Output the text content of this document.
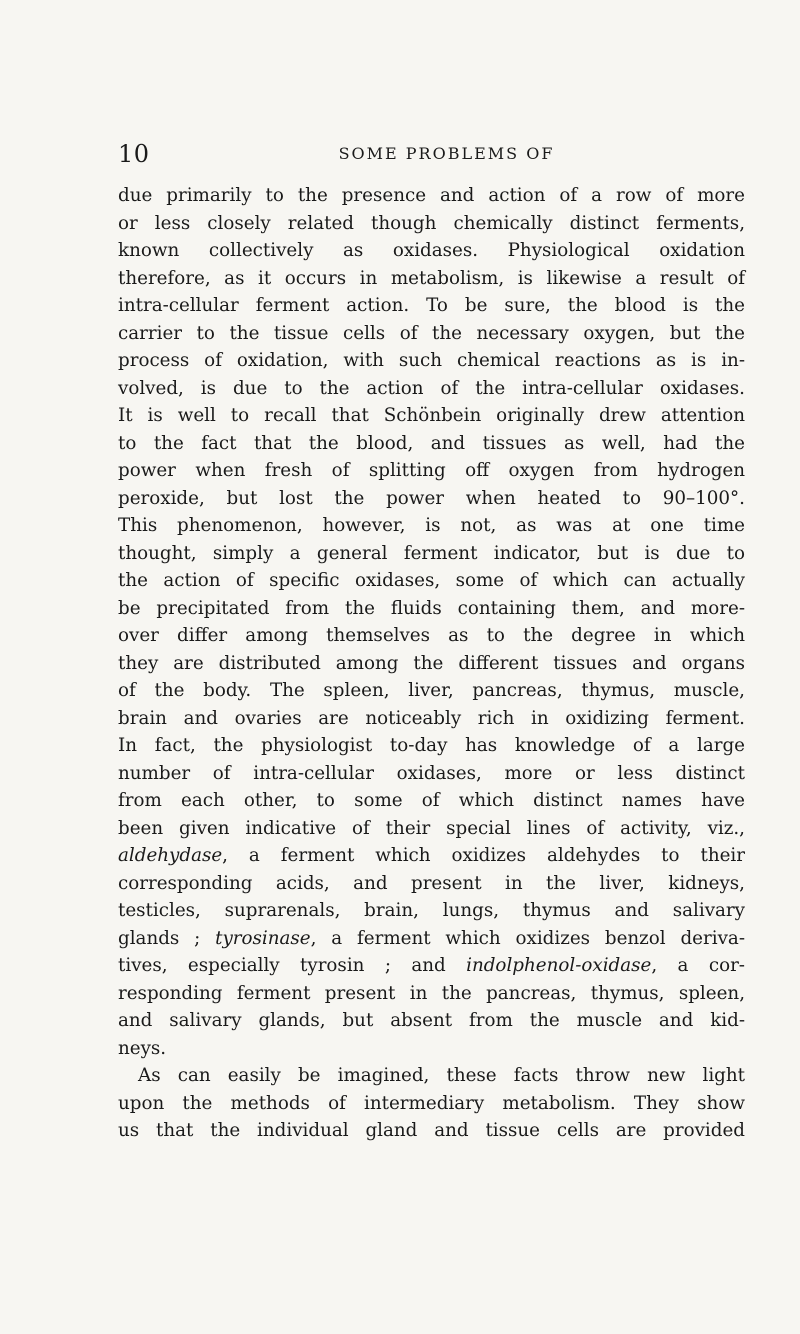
10	SOME PROBLEMS OF
due primarily to the presence and action of a row of more
or less closely related though chemically distinct ferments,
known collectively as oxidases. Physiological oxidation
therefore, as it occurs in metabolism, is likewise a result of
intra-cellular ferment action. To be sure, the blood is the
carrier to the tissue cells of the necessary oxygen, but the
process of oxidation, with such chemical reactions as is in-
volved, is due to the action of the intra-cellular oxidases.
It is well to recall that Schönbein originally drew attention
to the fact that the blood, and tissues as well, had the
power when fresh of splitting off oxygen from hydrogen
peroxide, but lost the power when heated to 90–100°.
This phenomenon, however, is not, as was at one time
thought, simply a general ferment indicator, but is due to
the action of specific oxidases, some of which can actually
be precipitated from the fluids containing them, and more-
over differ among themselves as to the degree in which
they are distributed among the different tissues and organs
of the body. The spleen, liver, pancreas, thymus, muscle,
brain and ovaries are noticeably rich in oxidizing ferment.
In fact, the physiologist to-day has knowledge of a large
number of intra-cellular oxidases, more or less distinct
from each other, to some of which distinct names have
been given indicative of their special lines of activity, viz.,
aldehydase, a ferment which oxidizes aldehydes to their
corresponding acids, and present in the liver, kidneys,
testicles, suprarenals, brain, lungs, thymus and salivary
glands ; tyrosinase, a ferment which oxidizes benzol deriva-
tives, especially tyrosin ; and indolphenol-oxidase, a cor-
responding ferment present in the pancreas, thymus, spleen,
and salivary glands, but absent from the muscle and kid-
neys.
As can easily be imagined, these facts throw new light
upon the methods of intermediary metabolism. They show
us that the individual gland and tissue cells are provided
